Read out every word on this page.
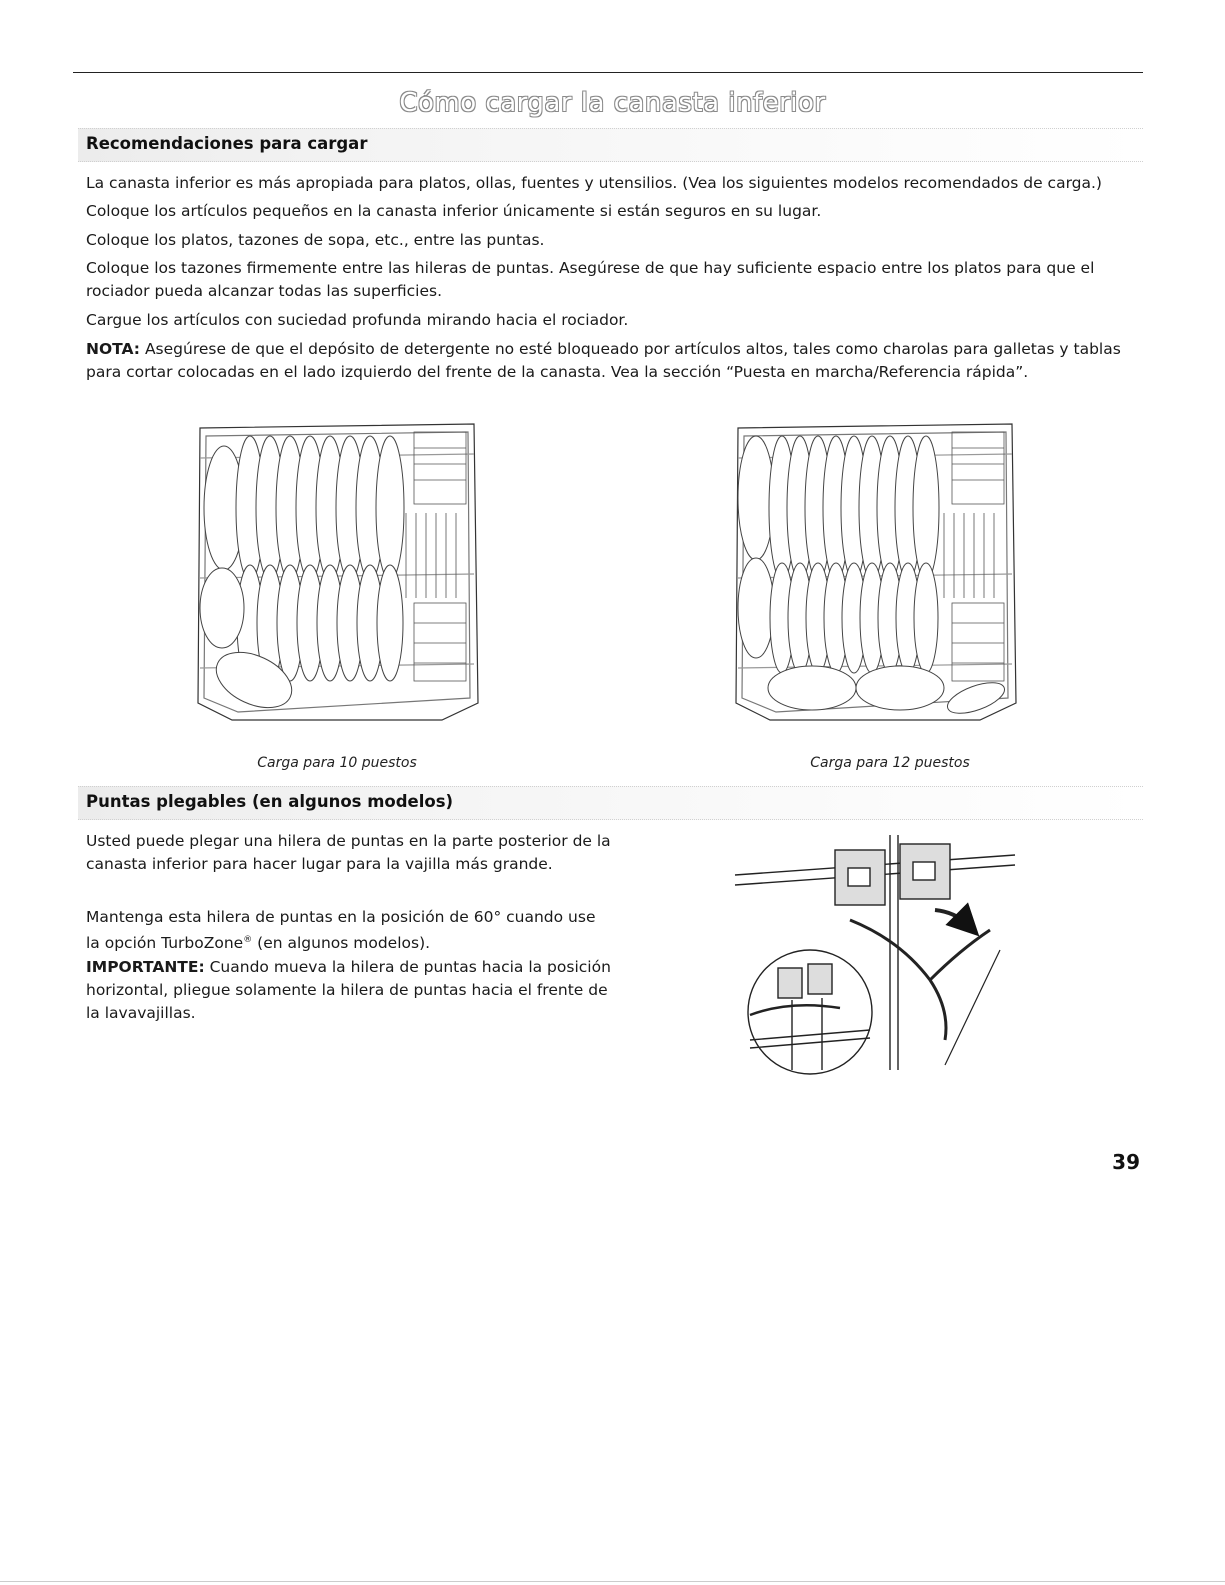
Cómo cargar la canasta inferior
Recomendaciones para cargar

La canasta inferior es más apropiada para platos, ollas, fuentes y utensilios. (Vea los siguientes modelos recomendados de carga.)

Coloque los artículos pequeños en la canasta inferior únicamente si están seguros en su lugar.

Coloque los platos, tazones de sopa, etc., entre las puntas.

Coloque los tazones firmemente entre las hileras de puntas. Asegúrese de que hay suficiente espacio entre los platos para que el rociador pueda alcanzar todas las superficies.

Cargue los artículos con suciedad profunda mirando hacia el rociador.

NOTA: Asegúrese de que el depósito de detergente no esté bloqueado por artículos altos, tales como charolas para galletas y tablas para cortar colocadas en el lado izquierdo del frente de la canasta. Vea la sección “Puesta en marcha/Referencia rápida”.

Carga para 10 puestos	Carga para 12 puestos
Puntas plegables (en algunos modelos)

Usted puede plegar una hilera de puntas en la parte posterior de la canasta inferior para hacer lugar para la vajilla más grande.

Mantenga esta hilera de puntas en la posición de 60° cuando use la opción TurboZone® (en algunos modelos).

IMPORTANTE: Cuando mueva la hilera de puntas hacia la posición horizontal, pliegue solamente la hilera de puntas hacia el frente de la lavavajillas.

39
